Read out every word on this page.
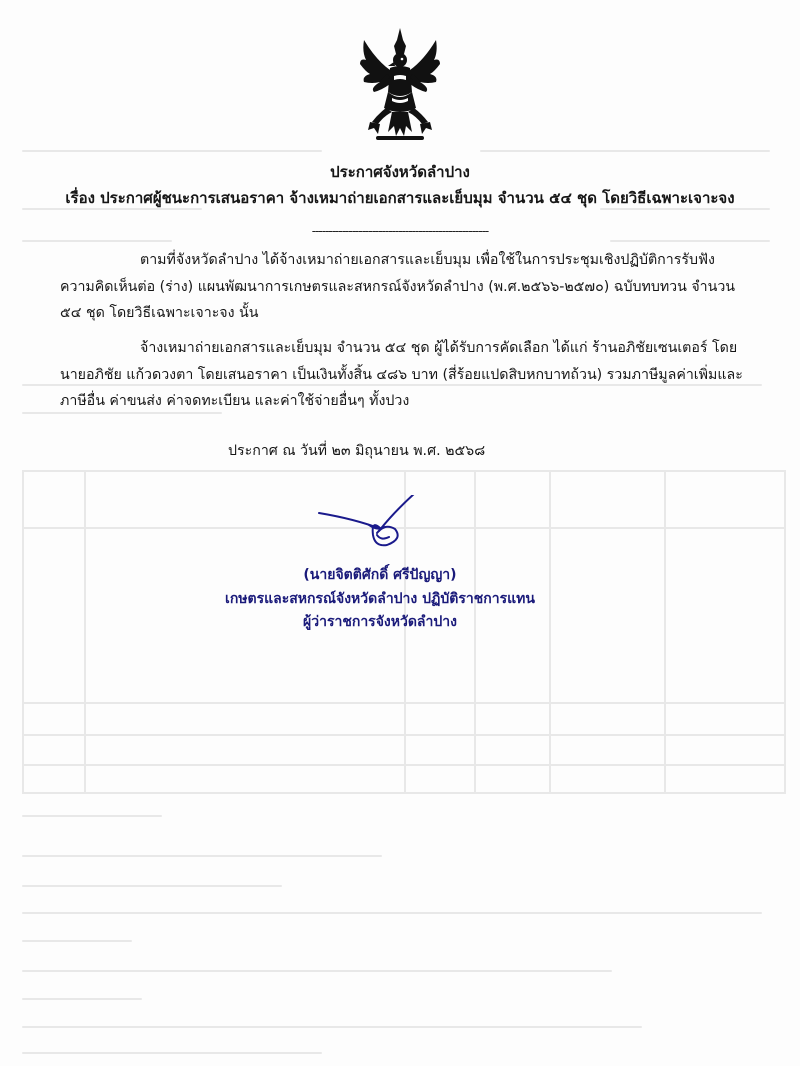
ประกาศจังหวัดลำปาง
เรื่อง ประกาศผู้ชนะการเสนอราคา จ้างเหมาถ่ายเอกสารและเย็บมุม จำนวน ๕๔ ชุด โดยวิธีเฉพาะเจาะจง
-----------------------------------------------------
ตามที่จังหวัดลำปาง ได้จ้างเหมาถ่ายเอกสารและเย็บมุม เพื่อใช้ในการประชุมเชิงปฏิบัติการรับฟัง
ความคิดเห็นต่อ (ร่าง) แผนพัฒนาการเกษตรและสหกรณ์จังหวัดลำปาง (พ.ศ.๒๕๖๖-๒๕๗๐) ฉบับทบทวน จำนวน
๕๔ ชุด โดยวิธีเฉพาะเจาะจง นั้น
จ้างเหมาถ่ายเอกสารและเย็บมุม จำนวน ๕๔ ชุด ผู้ได้รับการคัดเลือก ได้แก่ ร้านอภิชัยเซนเตอร์ โดย
นายอภิชัย แก้วดวงตา โดยเสนอราคา เป็นเงินทั้งสิ้น ๔๘๖ บาท (สี่ร้อยแปดสิบหกบาทถ้วน) รวมภาษีมูลค่าเพิ่มและ
ภาษีอื่น ค่าขนส่ง ค่าจดทะเบียน และค่าใช้จ่ายอื่นๆ ทั้งปวง
ประกาศ ณ วันที่ ๒๓ มิถุนายน พ.ศ. ๒๕๖๘
(นายจิตติศักดิ์ ศรีปัญญา)
เกษตรและสหกรณ์จังหวัดลำปาง ปฏิบัติราชการแทน
ผู้ว่าราชการจังหวัดลำปาง
